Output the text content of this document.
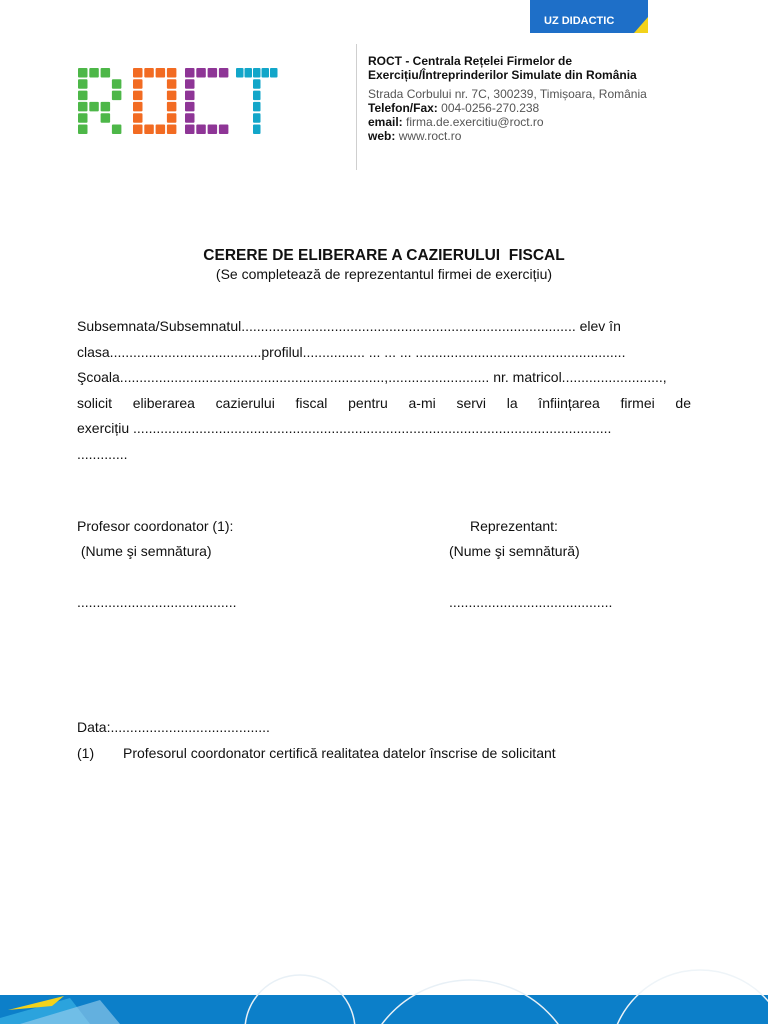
UZ DIDACTIC
ROCT - Centrala Rețelei Firmelor de
Exercițiu/Întreprinderilor Simulate din România
Strada Corbului nr. 7C, 300239, Timișoara, România
Telefon/Fax: 004-0256-270.238
email: firma.de.exercitiu@roct.ro
web: www.roct.ro
CERERE DE ELIBERARE A CAZIERULUI  FISCAL
(Se completează de reprezentantul firmei de exercițiu)
Subsemnata/Subsemnatul...................................................................................... elev în
clasa.......................................profilul................ ... ... ... ......................................................
Şcoala....................................................................,.......................... nr. matricol..........................,
solicit eliberarea cazierului fiscal pentru a-mi servi la înființarea firmei de
exercițiu ...........................................................................................................................
.............
Profesor coordonator (1):
(Nume şi semnătura)
.........................................
Reprezentant:
(Nume şi semnătură)
..........................................
Data:.........................................
(1) Profesorul coordonator certifică realitatea datelor înscrise de solicitant
